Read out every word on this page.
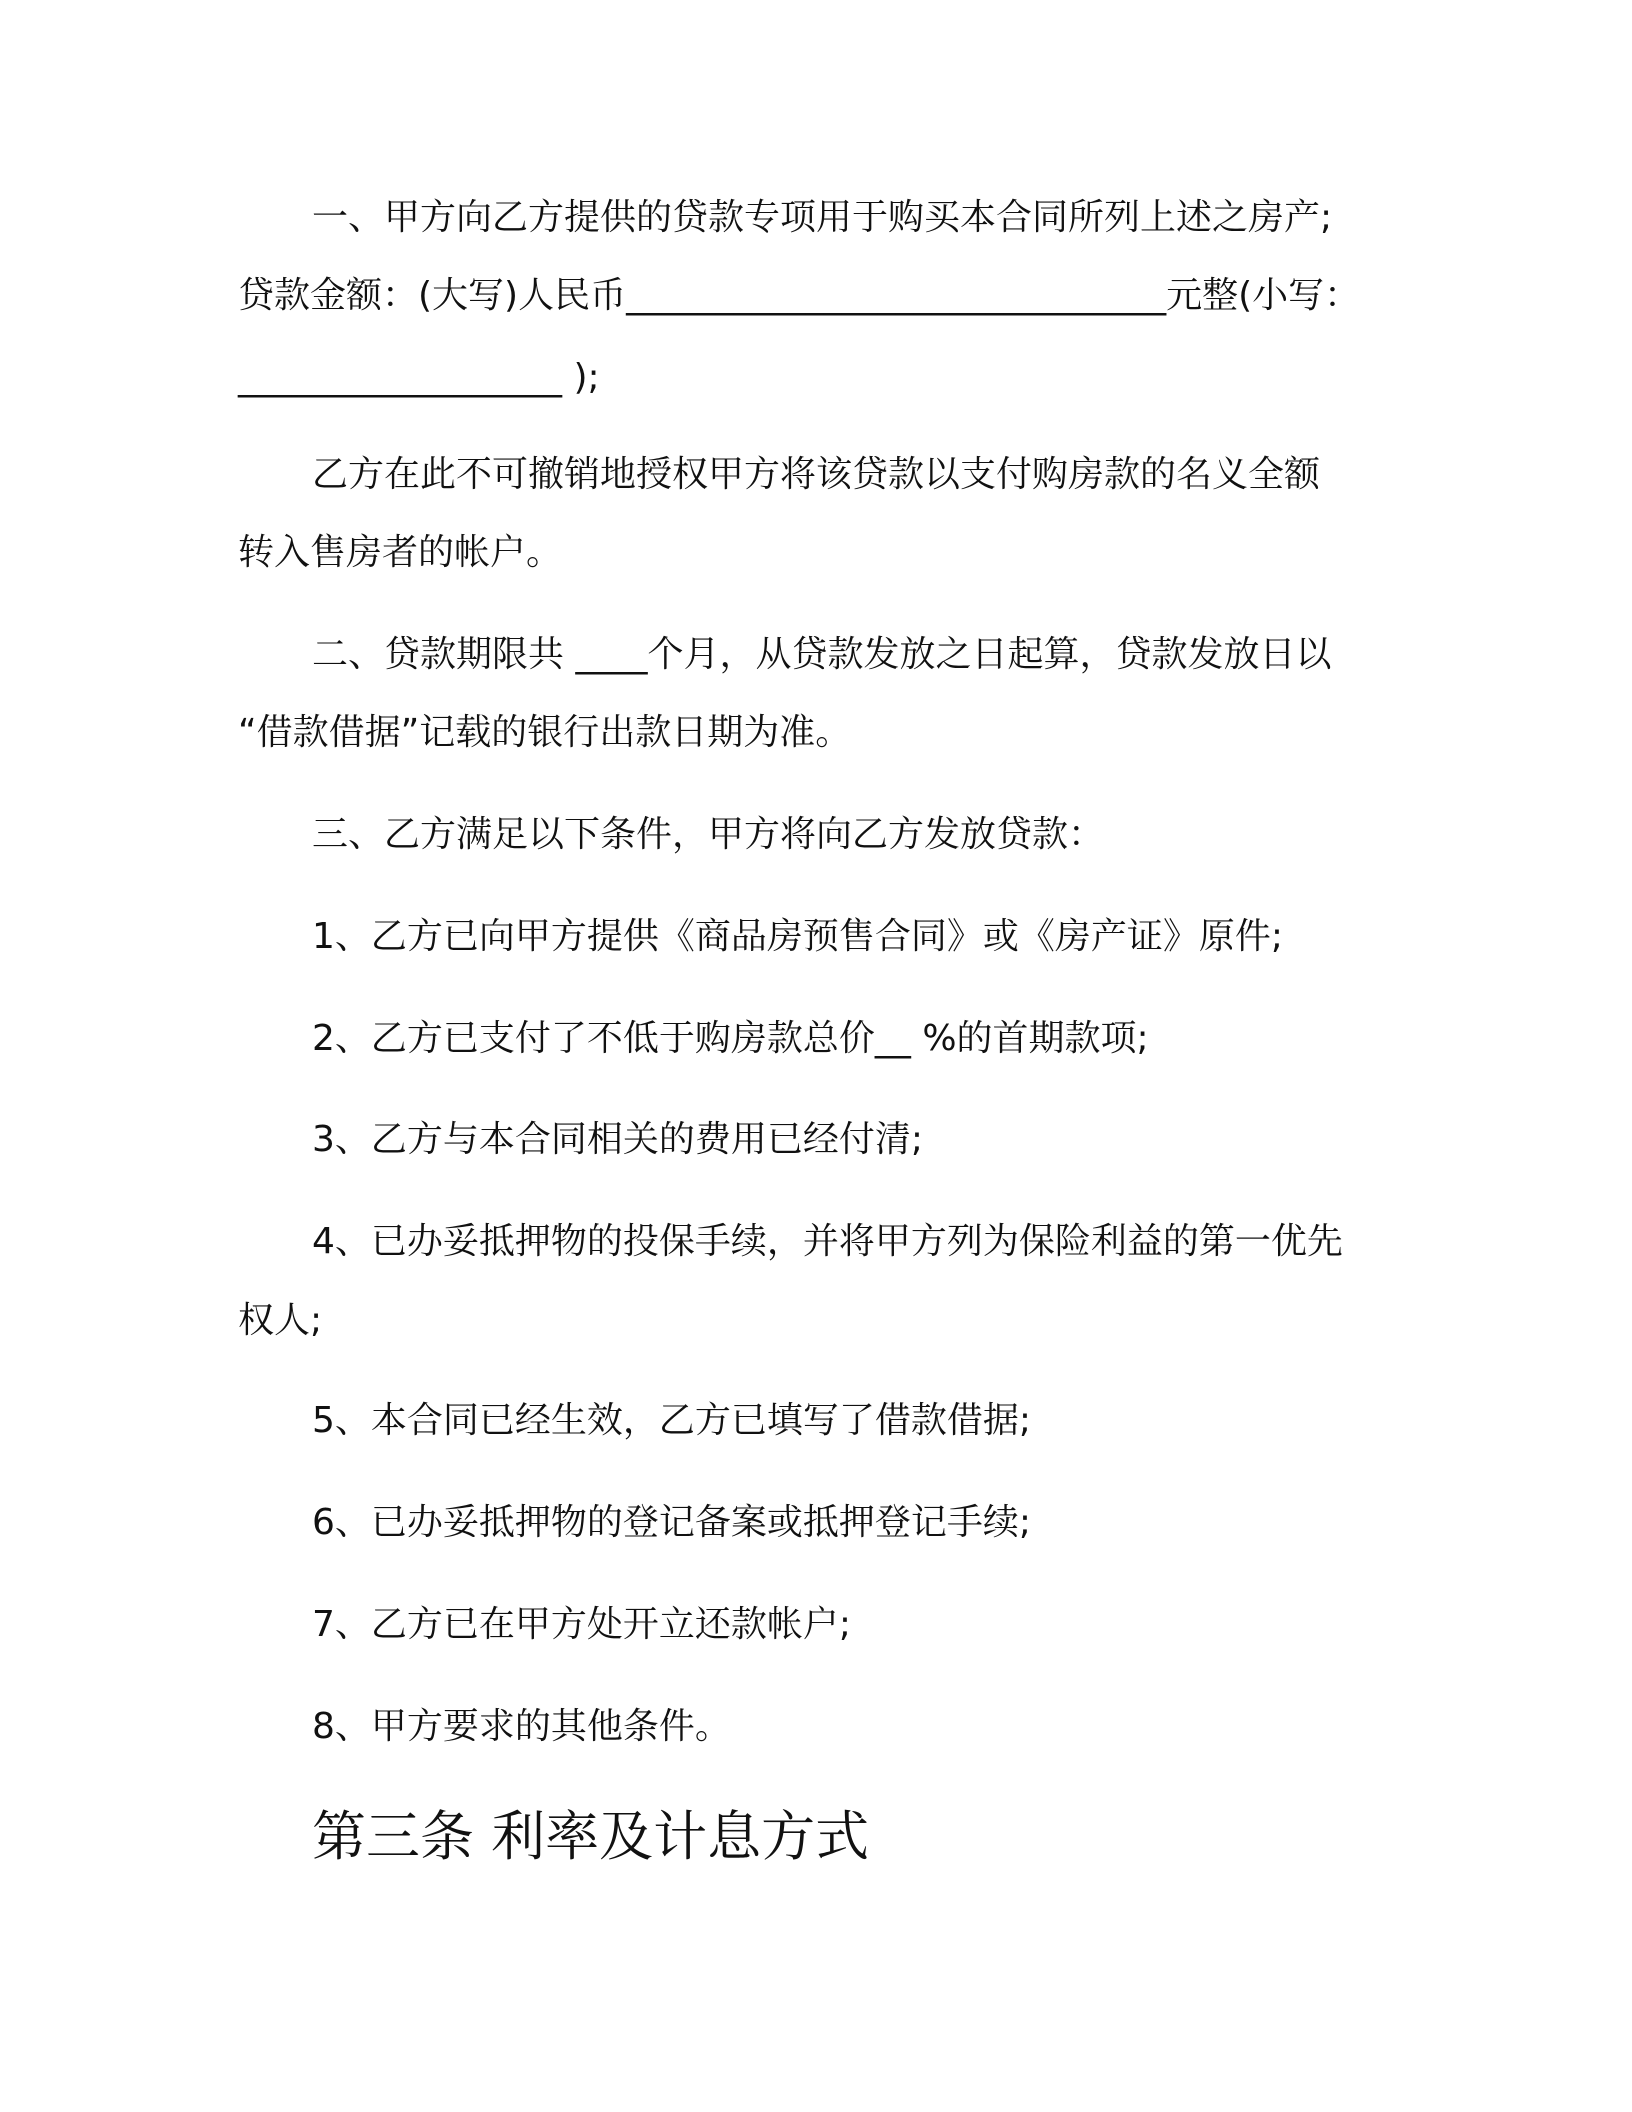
一、甲方向乙方提供的贷款专项用于购买本合同所列上述之房产;

贷款金额：(大写)人民币______________________________元整(小写：

__________________ );

乙方在此不可撤销地授权甲方将该贷款以支付购房款的名义全额

转入售房者的帐户。

二、贷款期限共 ____个月，从贷款发放之日起算，贷款发放日以

“借款借据”记载的银行出款日期为准。

三、乙方满足以下条件，甲方将向乙方发放贷款：

1、乙方已向甲方提供《商品房预售合同》或《房产证》原件;

2、乙方已支付了不低于购房款总价__ %的首期款项;

3、乙方与本合同相关的费用已经付清;

4、已办妥抵押物的投保手续，并将甲方列为保险利益的第一优先

权人;

5、本合同已经生效，乙方已填写了借款借据;

6、已办妥抵押物的登记备案或抵押登记手续;

7、乙方已在甲方处开立还款帐户;

8、甲方要求的其他条件。

第三条 利率及计息方式
